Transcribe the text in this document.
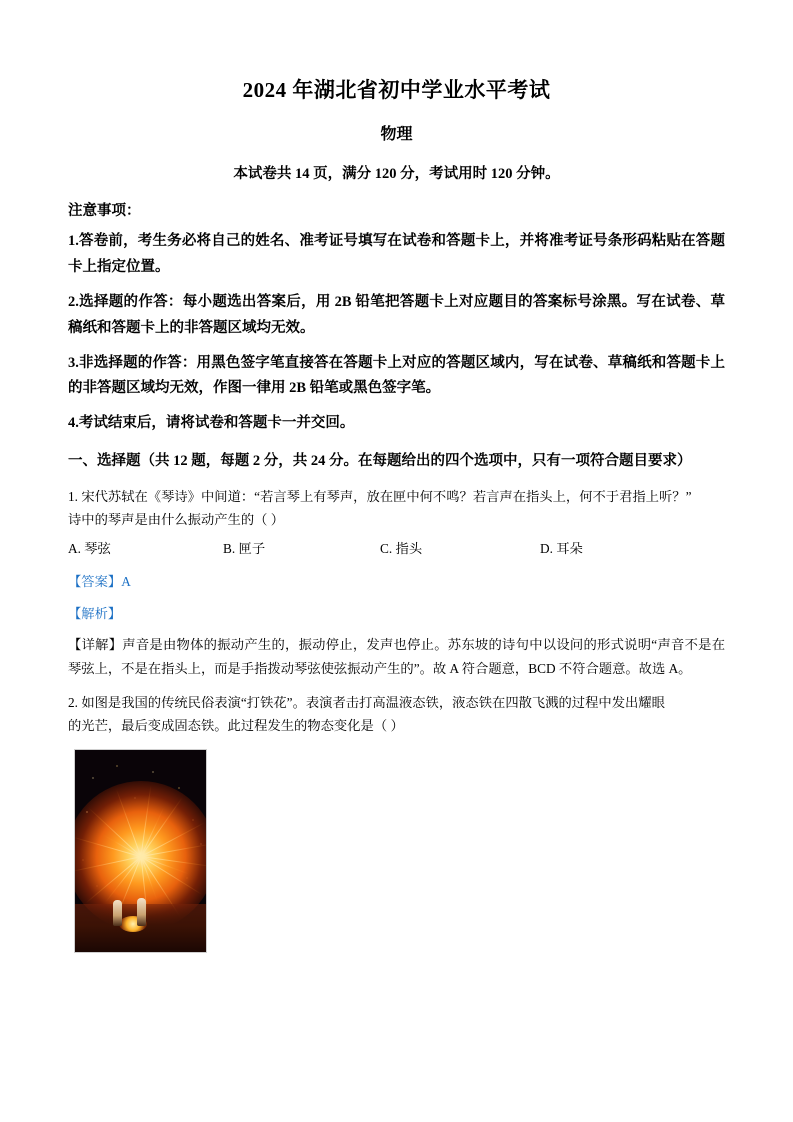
2024 年湖北省初中学业水平考试
物理
本试卷共 14 页，满分 120 分，考试用时 120 分钟。
注意事项：
1.答卷前，考生务必将自己的姓名、准考证号填写在试卷和答题卡上，并将准考证号条形码粘贴在答题卡上指定位置。
2.选择题的作答：每小题选出答案后，用 2B 铅笔把答题卡上对应题目的答案标号涂黑。写在试卷、草稿纸和答题卡上的非答题区域均无效。
3.非选择题的作答：用黑色签字笔直接答在答题卡上对应的答题区域内，写在试卷、草稿纸和答题卡上的非答题区域均无效，作图一律用 2B 铅笔或黑色签字笔。
4.考试结束后，请将试卷和答题卡一并交回。
一、选择题（共 12 题，每题 2 分，共 24 分。在每题给出的四个选项中，只有一项符合题目要求）
1. 宋代苏轼在《琴诗》中间道：“若言琴上有琴声，放在匣中何不鸣？若言声在指头上，何不于君指上听？”
诗中的琴声是由什么振动产生的（ ）
A. 琴弦	B. 匣子	C. 指头	D. 耳朵
【答案】A
【解析】
【详解】声音是由物体的振动产生的，振动停止，发声也停止。苏东坡的诗句中以设问的形式说明“声音不是在琴弦上，不是在指头上，而是手指拨动琴弦使弦振动产生的”。故 A 符合题意，BCD 不符合题意。故选 A。
2. 如图是我国的传统民俗表演“打铁花”。表演者击打高温液态铁，液态铁在四散飞溅的过程中发出耀眼
的光芒，最后变成固态铁。此过程发生的物态变化是（ ）
